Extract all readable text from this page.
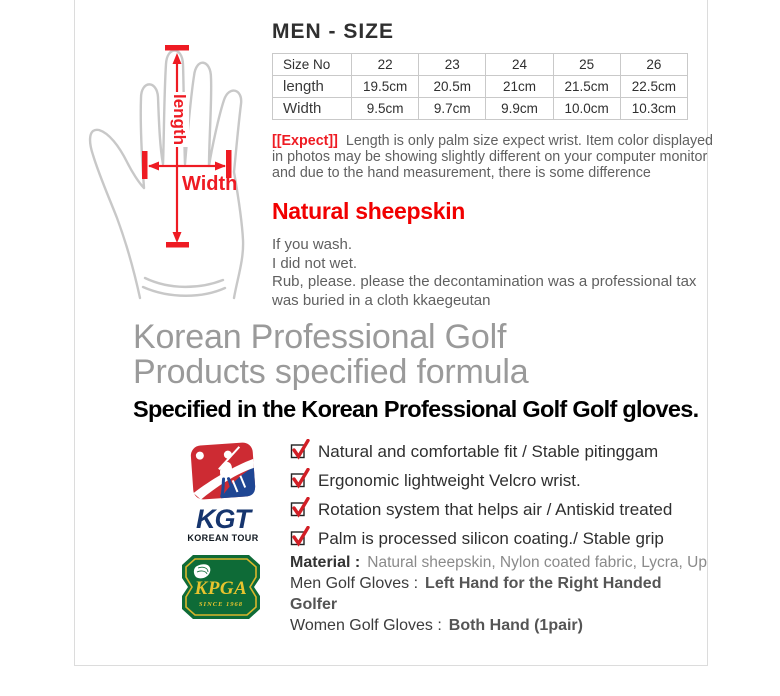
length
Width
MEN - SIZE
Size No	22	23	24	25	26
length	19.5cm	20.5m	21cm	21.5cm	22.5cm
Width	9.5cm	9.7cm	9.9cm	10.0cm	10.3cm

[[Expect]] Length is only palm size expect wrist. Item color displayed in photos may be showing slightly different on your computer monitor and due to the hand measurement, there is some difference

Natural sheepskin
If you wash.
I did not wet.
Rub, please. please the decontamination was a professional tax was buried in a cloth kkaegeutan
Korean Professional Golf
Products specified formula
Specified in the Korean Professional Golf Golf gloves.
KGT
KOREAN TOUR
Natural and comfortable fit / Stable pitinggam
Ergonomic lightweight Velcro wrist.
Rotation system that helps air / Antiskid treated
Palm is processed silicon coating./ Stable grip
KPGA
SINCE 1968
Material : Natural sheepskin, Nylon coated fabric, Lycra, Up
Men Golf Gloves : Left Hand for the Right Handed Golfer
Women Golf Gloves : Both Hand (1pair)
